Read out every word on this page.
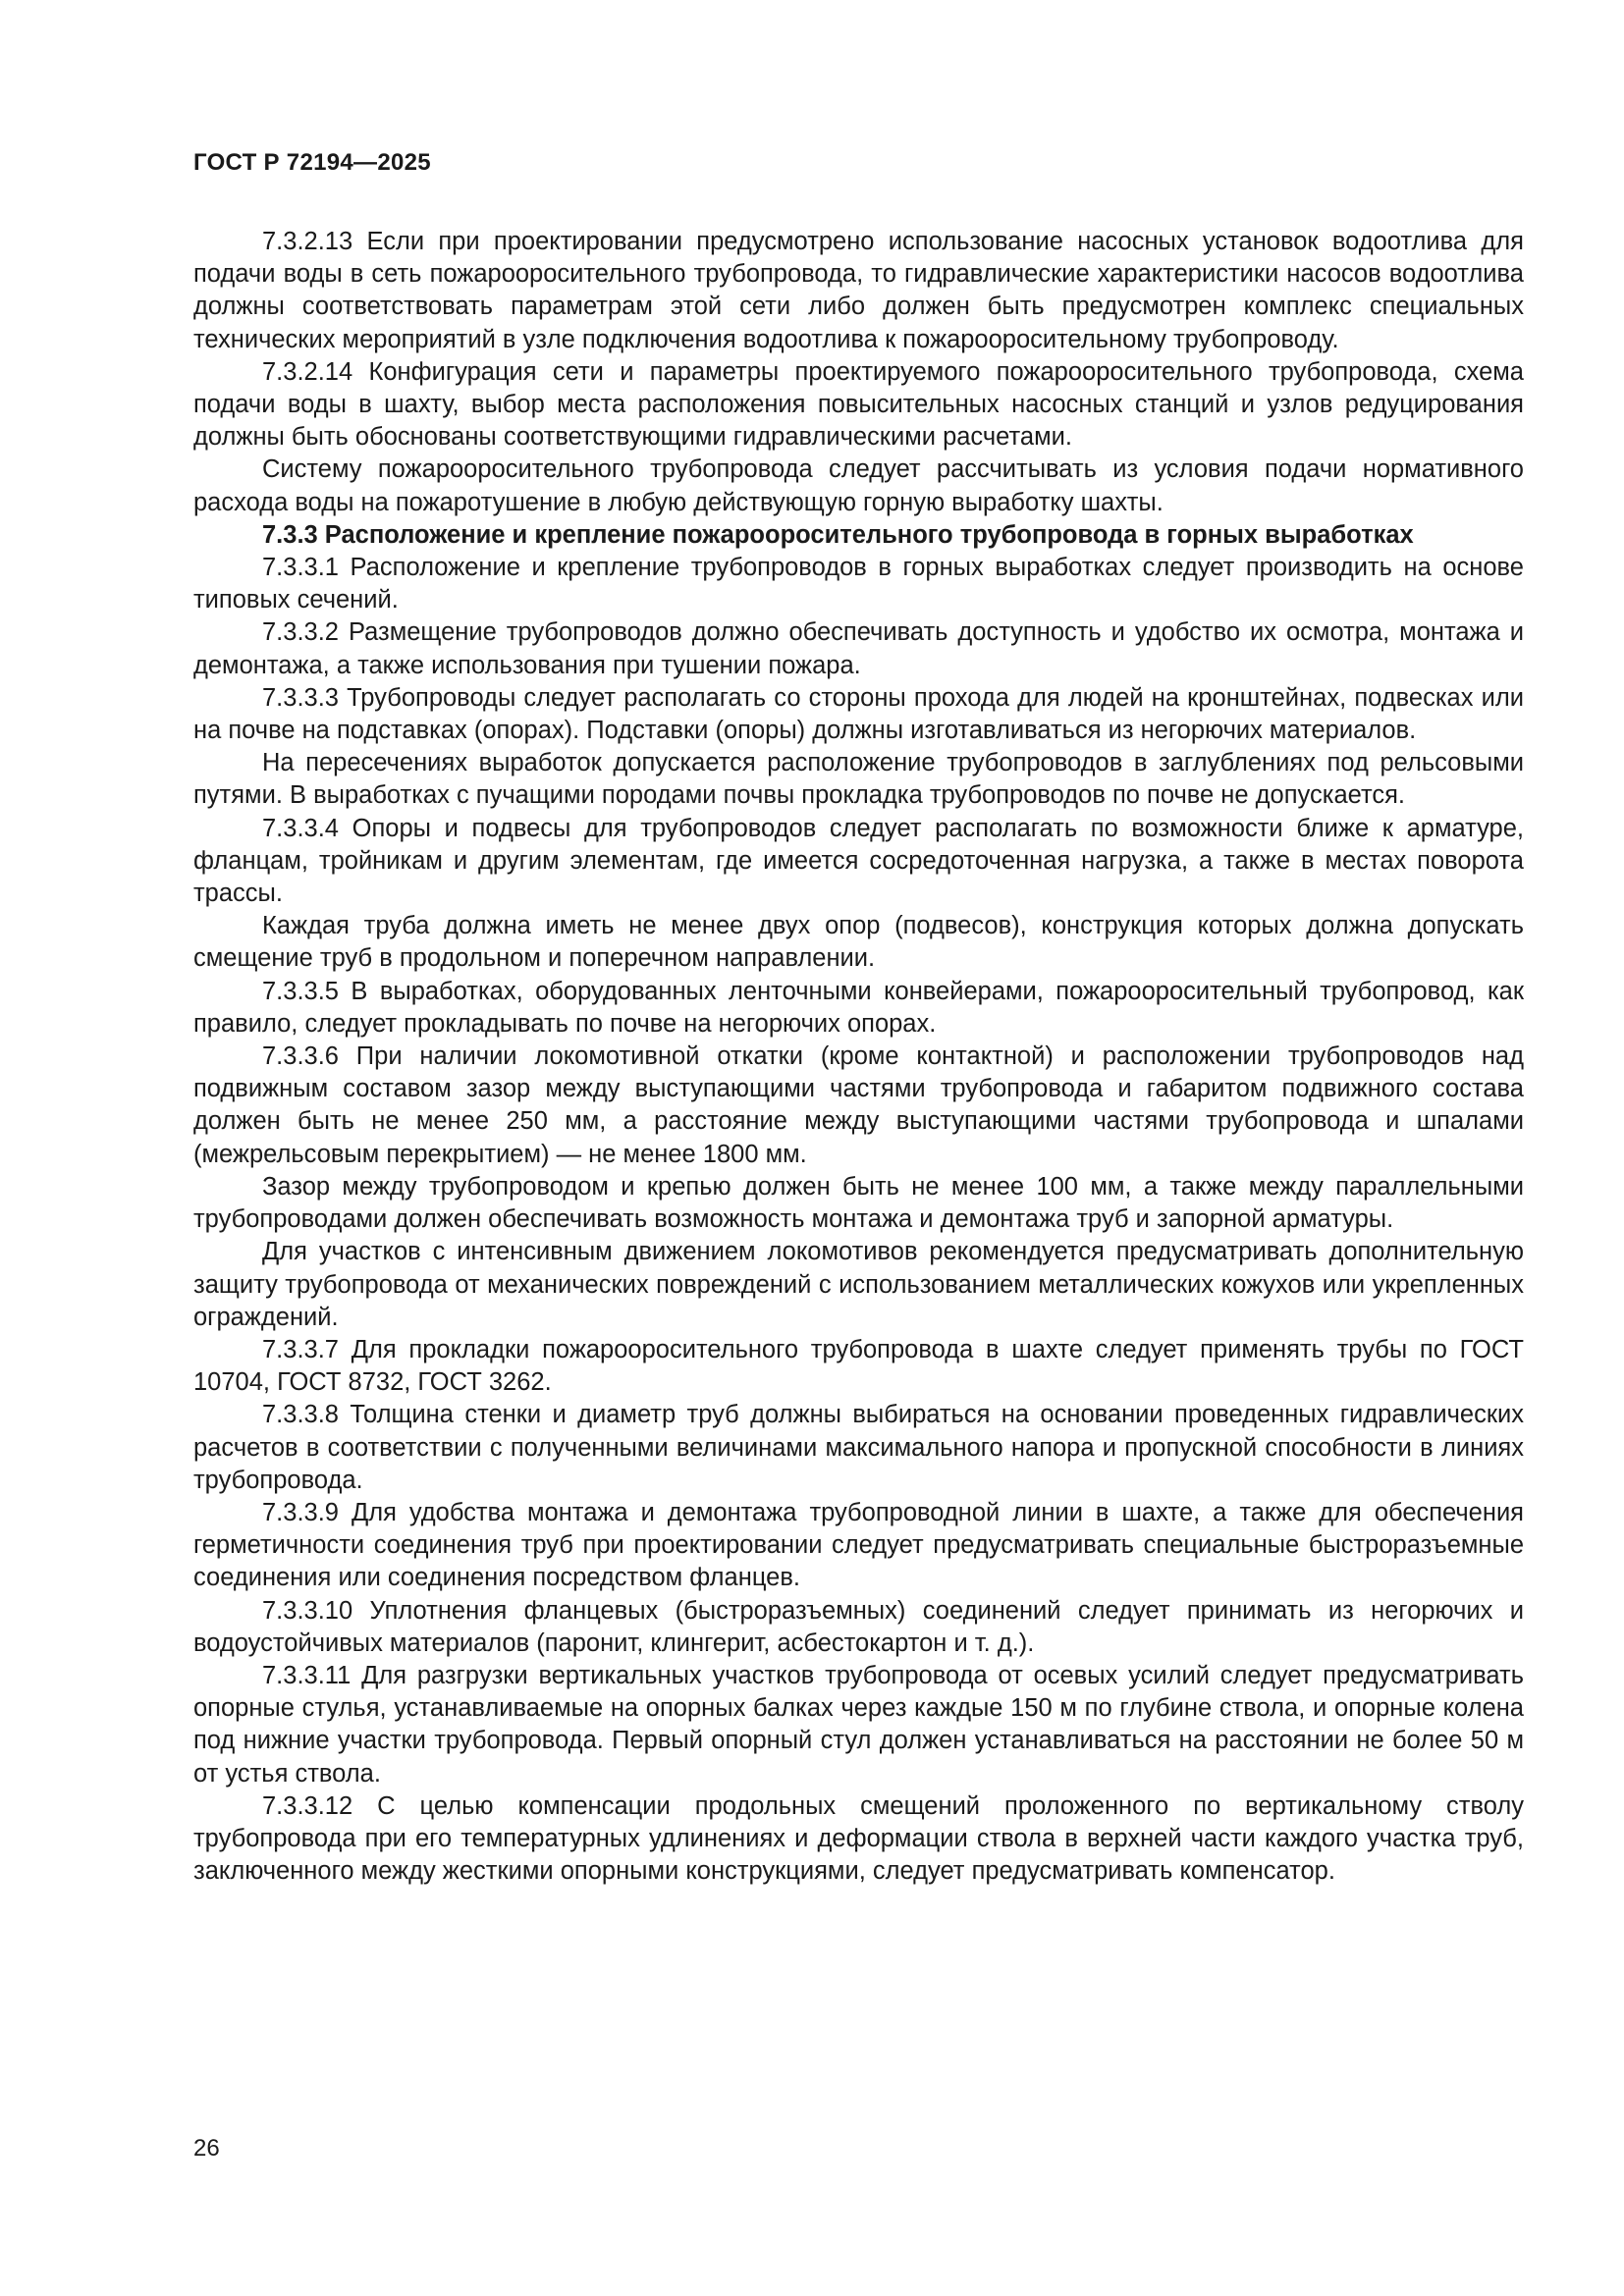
ГОСТ Р 72194—2025

7.3.2.13 Если при проектировании предусмотрено использование насосных установок водоотлива для подачи воды в сеть пожарооросительного трубопровода, то гидравлические характеристики насосов водоотлива должны соответствовать параметрам этой сети либо должен быть предусмотрен комплекс специальных технических мероприятий в узле подключения водоотлива к пожарооросительному трубопроводу.

7.3.2.14 Конфигурация сети и параметры проектируемого пожарооросительного трубопровода, схема подачи воды в шахту, выбор места расположения повысительных насосных станций и узлов редуцирования должны быть обоснованы соответствующими гидравлическими расчетами.

Систему пожарооросительного трубопровода следует рассчитывать из условия подачи нормативного расхода воды на пожаротушение в любую действующую горную выработку шахты.

7.3.3 Расположение и крепление пожарооросительного трубопровода в горных выработках

7.3.3.1 Расположение и крепление трубопроводов в горных выработках следует производить на основе типовых сечений.

7.3.3.2 Размещение трубопроводов должно обеспечивать доступность и удобство их осмотра, монтажа и демонтажа, а также использования при тушении пожара.

7.3.3.3 Трубопроводы следует располагать со стороны прохода для людей на кронштейнах, подвесках или на почве на подставках (опорах). Подставки (опоры) должны изготавливаться из негорючих материалов.

На пересечениях выработок допускается расположение трубопроводов в заглублениях под рельсовыми путями. В выработках с пучащими породами почвы прокладка трубопроводов по почве не допускается.

7.3.3.4 Опоры и подвесы для трубопроводов следует располагать по возможности ближе к арматуре, фланцам, тройникам и другим элементам, где имеется сосредоточенная нагрузка, а также в местах поворота трассы.

Каждая труба должна иметь не менее двух опор (подвесов), конструкция которых должна допускать смещение труб в продольном и поперечном направлении.

7.3.3.5 В выработках, оборудованных ленточными конвейерами, пожарооросительный трубопровод, как правило, следует прокладывать по почве на негорючих опорах.

7.3.3.6 При наличии локомотивной откатки (кроме контактной) и расположении трубопроводов над подвижным составом зазор между выступающими частями трубопровода и габаритом подвижного состава должен быть не менее 250 мм, а расстояние между выступающими частями трубопровода и шпалами (межрельсовым перекрытием) — не менее 1800 мм.

Зазор между трубопроводом и крепью должен быть не менее 100 мм, а также между параллельными трубопроводами должен обеспечивать возможность монтажа и демонтажа труб и запорной арматуры.

Для участков с интенсивным движением локомотивов рекомендуется предусматривать дополнительную защиту трубопровода от механических повреждений с использованием металлических кожухов или укрепленных ограждений.

7.3.3.7 Для прокладки пожарооросительного трубопровода в шахте следует применять трубы по ГОСТ 10704, ГОСТ 8732, ГОСТ 3262.

7.3.3.8 Толщина стенки и диаметр труб должны выбираться на основании проведенных гидравлических расчетов в соответствии с полученными величинами максимального напора и пропускной способности в линиях трубопровода.

7.3.3.9 Для удобства монтажа и демонтажа трубопроводной линии в шахте, а также для обеспечения герметичности соединения труб при проектировании следует предусматривать специальные быстроразъемные соединения или соединения посредством фланцев.

7.3.3.10 Уплотнения фланцевых (быстроразъемных) соединений следует принимать из негорючих и водоустойчивых материалов (паронит, клингерит, асбестокартон и т. д.).

7.3.3.11 Для разгрузки вертикальных участков трубопровода от осевых усилий следует предусматривать опорные стулья, устанавливаемые на опорных балках через каждые 150 м по глубине ствола, и опорные колена под нижние участки трубопровода. Первый опорный стул должен устанавливаться на расстоянии не более 50 м от устья ствола.

7.3.3.12 С целью компенсации продольных смещений проложенного по вертикальному стволу трубопровода при его температурных удлинениях и деформации ствола в верхней части каждого участка труб, заключенного между жесткими опорными конструкциями, следует предусматривать компенсатор.

26
